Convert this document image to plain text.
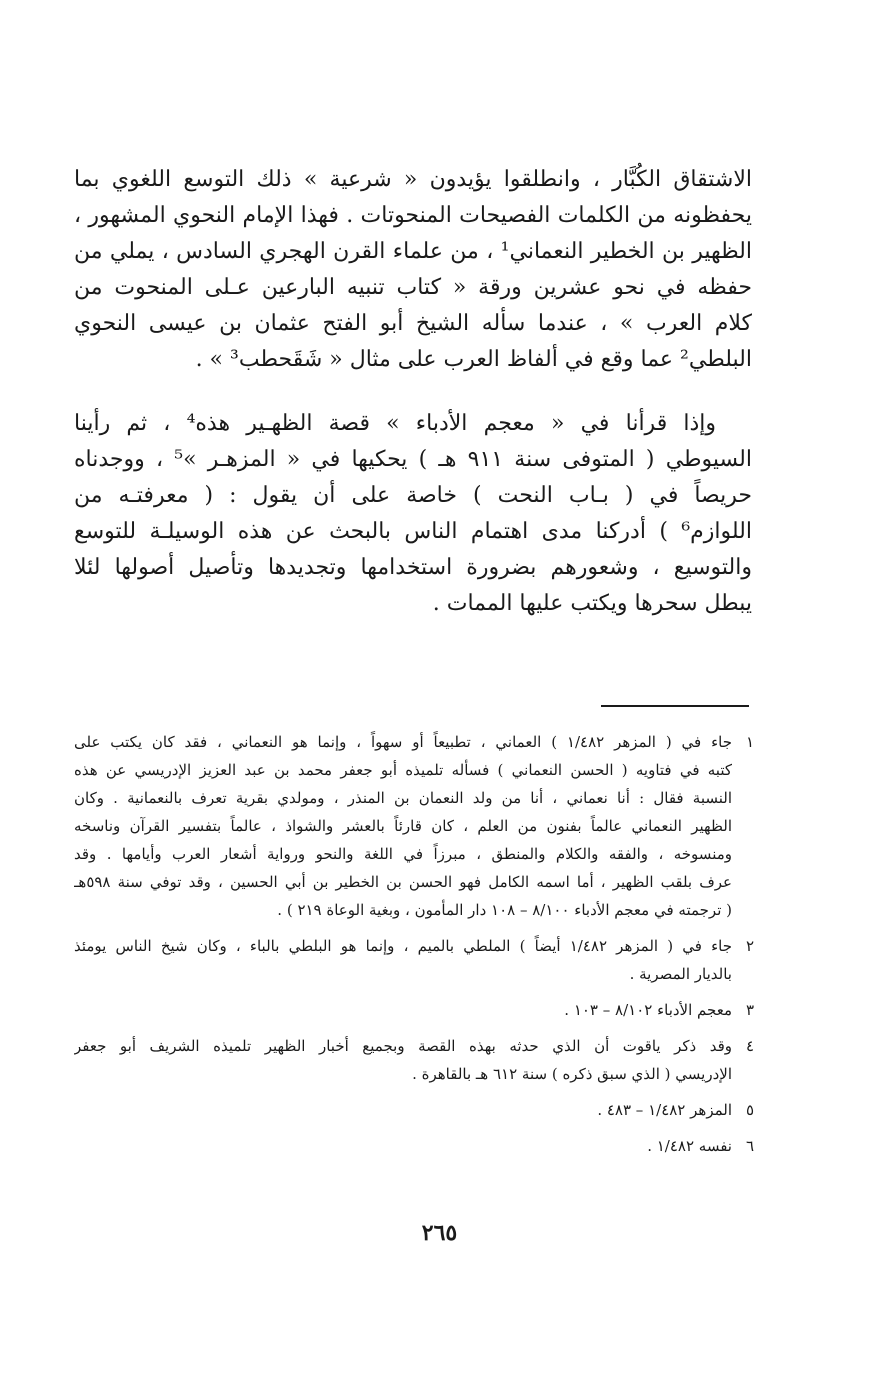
الاشتقاق الكُبَّار ، وانطلقوا يؤيدون « شرعية » ذلك التوسع اللغوي بما
يحفظونه من الكلمات الفصيحات المنحوتات . فهذا الإمام النحوي المشهور ،
الظهير بن الخطير النعماني¹ ، من علماء القرن الهجري السادس ، يملي من
حفظه في نحو عشرين ورقة « كتاب تنبيه البارعين عـلى المنحوت من
كلام العرب » ، عندما سأله الشيخ أبو الفتح عثمان بن عيسى النحوي
البلطي² عما وقع في ألفاظ العرب على مثال « شَقَحطب³ » .
وإذا قرأنا في « معجم الأدباء » قصة الظهـير هذه⁴ ، ثم رأينا
السيوطي ( المتوفى سنة ٩١١ هـ ) يحكيها في « المزهـر »⁵ ، ووجدناه
حريصاً في ( بـاب النحت ) خاصة على أن يقول : ( معرفتـه من
اللوازم⁶ ) أدركنا مدى اهتمام الناس بالبحث عن هذه الوسيلـة للتوسع
والتوسيع ، وشعورهم بضرورة استخدامها وتجديدها وتأصيل أصولها لئلا
يبطل سحرها ويكتب عليها الممات .
١
جاء في ( المزهر ١/٤٨٢ ) العماني ، تطبيعاً أو سهواً ، وإنما هو النعماني ، فقد كان يكتب على
كتبه في فتاويه ( الحسن النعماني ) فسأله تلميذه أبو جعفر محمد بن عبد العزيز الإدريسي عن هذه
النسبة فقال : أنا نعماني ، أنا من ولد النعمان بن المنذر ، ومولدي بقرية تعرف بالنعمانية . وكان
الظهير النعماني عالماً بفنون من العلم ، كان قارئاً بالعشر والشواذ ، عالماً بتفسير القرآن وناسخه
ومنسوخه ، والفقه والكلام والمنطق ، مبرزاً في اللغة والنحو ورواية أشعار العرب وأيامها . وقد
عرف بلقب الظهير ، أما اسمه الكامل فهو الحسن بن الخطير بن أبي الحسين ، وقد توفي سنة ٥٩٨هـ
( ترجمته في معجم الأدباء ٨/١٠٠ – ١٠٨ دار المأمون ، وبغية الوعاة ٢١٩ ) .
٢
جاء في ( المزهر ١/٤٨٢ أيضاً ) الملطي بالميم ، وإنما هو البلطي بالباء ، وكان شيخ الناس يومئذ
بالديار المصرية .
٣
معجم الأدباء ٨/١٠٢ – ١٠٣ .
٤
وقد ذكر ياقوت أن الذي حدثه بهذه القصة وبجميع أخبار الظهير تلميذه الشريف أبو جعفر
الإدريسي ( الذي سبق ذكره ) سنة ٦١٢ هـ بالقاهرة .
٥
المزهر ١/٤٨٢ – ٤٨٣ .
٦
نفسه ١/٤٨٢ .
٢٦٥
